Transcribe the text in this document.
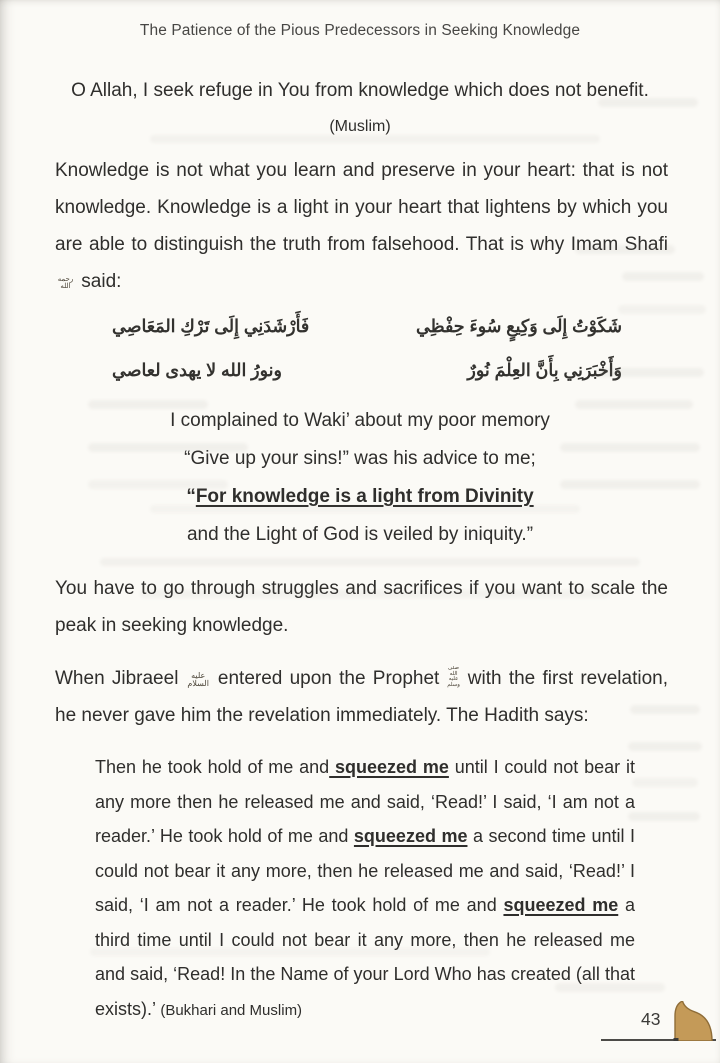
The Patience of the Pious Predecessors in Seeking Knowledge

O Allah, I seek refuge in You from knowledge which does not benefit.

(Muslim)

Knowledge is not what you learn and preserve in your heart: that is not knowledge. Knowledge is a light in your heart that lightens by which you are able to distinguish the truth from falsehood. That is why Imam Shafi رحمه الله said:

فَأَرْشَدَنِي إِلَى تَرْكِ المَعَاصِي	شَكَوْتُ إِلَى وَكِيعٍ سُوءَ حِفْظِي
ونورُ الله لا يهدى لعاصي	وَأَخْبَرَنِي بِأَنَّ العِلْمَ نُورٌ
I complained to Waki’ about my poor memory
“Give up your sins!” was his advice to me;
“For knowledge is a light from Divinity
and the Light of God is veiled by iniquity.”

You have to go through struggles and sacrifices if you want to scale the peak in seeking knowledge.

When Jibraeel عليه السلام entered upon the Prophet صلى الله عليه وسلم with the first revelation, he never gave him the revelation immediately. The Hadith says:

Then he took hold of me and squeezed me until I could not bear it any more then he released me and said, ‘Read!’ I said, ‘I am not a reader.’ He took hold of me and squeezed me a second time until I could not bear it any more, then he released me and said, ‘Read!’ I said, ‘I am not a reader.’ He took hold of me and squeezed me a third time until I could not bear it any more, then he released me and said, ‘Read! In the Name of your Lord Who has created (all that exists).’ (Bukhari and Muslim)	43
